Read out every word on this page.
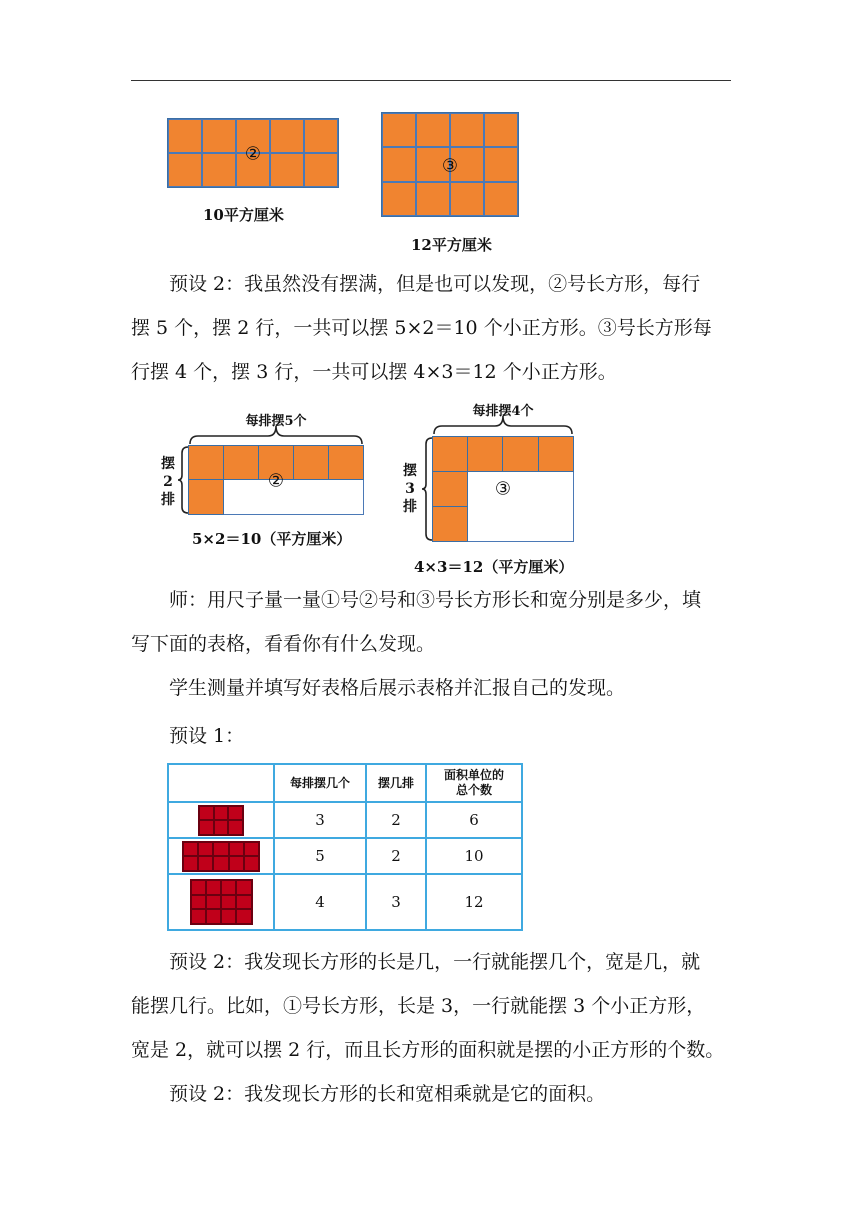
②
10平方厘米
③
12平方厘米

预设 2：我虽然没有摆满，但是也可以发现，②号长方形，每行
摆 5 个，摆 2 行，一共可以摆 5×2＝10 个小正方形。③号长方形每
行摆 4 个，摆 3 行，一共可以摆 4×3＝12 个小正方形。

每排摆5个
摆
2
排
②
5×2＝10（平方厘米）
每排摆4个
摆
3
排
③
4×3＝12（平方厘米）

师：用尺子量一量①号②号和③号长方形长和宽分别是多少，填
写下面的表格，看看你有什么发现。

学生测量并填写好表格后展示表格并汇报自己的发现。

预设 1：

	每排摆几个	摆几排	面积单位的
总个数

	3	2	6

	5	2	10

	4	3	12

预设 2：我发现长方形的长是几，一行就能摆几个，宽是几，就
能摆几行。比如，①号长方形，长是 3，一行就能摆 3 个小正方形，
宽是 2，就可以摆 2 行，而且长方形的面积就是摆的小正方形的个数。

预设 2：我发现长方形的长和宽相乘就是它的面积。
